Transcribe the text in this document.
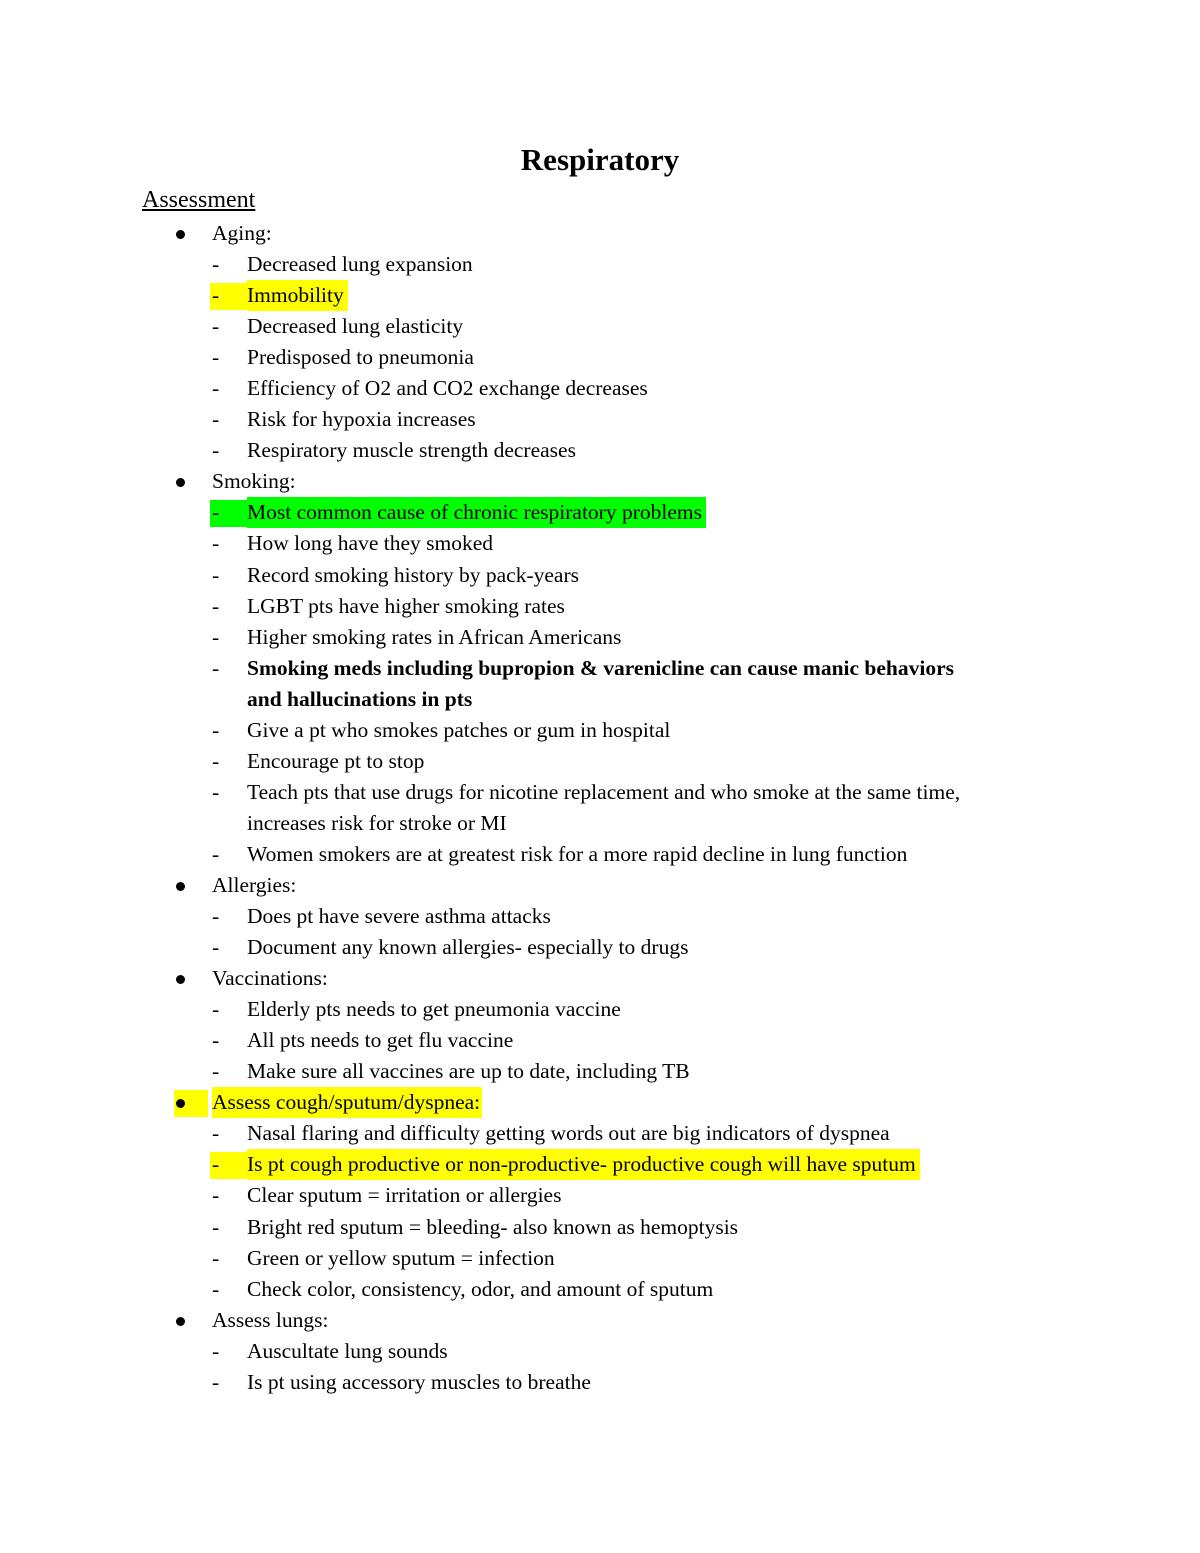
Respiratory
Assessment
Aging:
- Decreased lung expansion
- Immobility
- Decreased lung elasticity
- Predisposed to pneumonia
- Efficiency of O2 and CO2 exchange decreases
- Risk for hypoxia increases
- Respiratory muscle strength decreases
Smoking:
- Most common cause of chronic respiratory problems
- How long have they smoked
- Record smoking history by pack-years
- LGBT pts have higher smoking rates
- Higher smoking rates in African Americans
- Smoking meds including bupropion & varenicline can cause manic behaviors
and hallucinations in pts
- Give a pt who smokes patches or gum in hospital
- Encourage pt to stop
- Teach pts that use drugs for nicotine replacement and who smoke at the same time,
increases risk for stroke or MI
- Women smokers are at greatest risk for a more rapid decline in lung function
Allergies:
- Does pt have severe asthma attacks
- Document any known allergies- especially to drugs
Vaccinations:
- Elderly pts needs to get pneumonia vaccine
- All pts needs to get flu vaccine
- Make sure all vaccines are up to date, including TB
Assess cough/sputum/dyspnea:
- Nasal flaring and difficulty getting words out are big indicators of dyspnea
- Is pt cough productive or non-productive- productive cough will have sputum
- Clear sputum = irritation or allergies
- Bright red sputum = bleeding- also known as hemoptysis
- Green or yellow sputum = infection
- Check color, consistency, odor, and amount of sputum
Assess lungs:
- Auscultate lung sounds
- Is pt using accessory muscles to breathe
